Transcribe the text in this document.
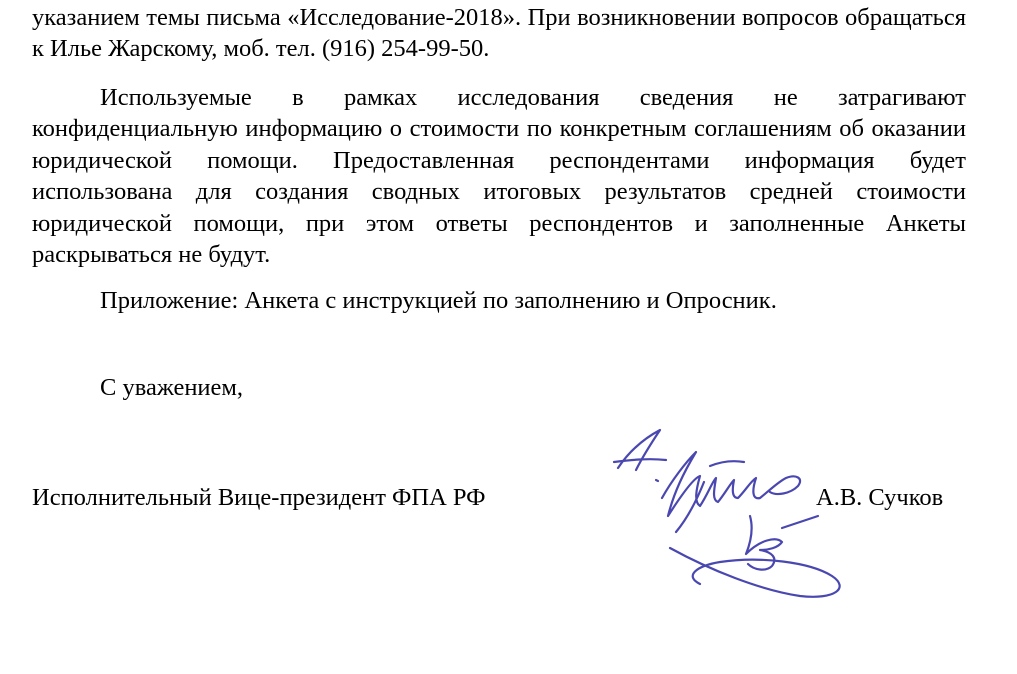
указанием темы письма «Исследование-2018». При возникновении вопросов обращаться к Илье Жарскому, моб. тел. (916) 254-99-50.

Используемые в рамках исследования сведения не затрагивают конфиденциальную информацию о стоимости по конкретным соглашениям об оказании юридической помощи. Предоставленная респондентами информация будет использована для создания сводных итоговых результатов средней стоимости юридической помощи, при этом ответы респондентов и заполненные Анкеты раскрываться не будут.

Приложение: Анкета с инструкцией по заполнению и Опросник.

С уважением,
Исполнительный Вице-президент ФПА РФ	А.В. Сучков
